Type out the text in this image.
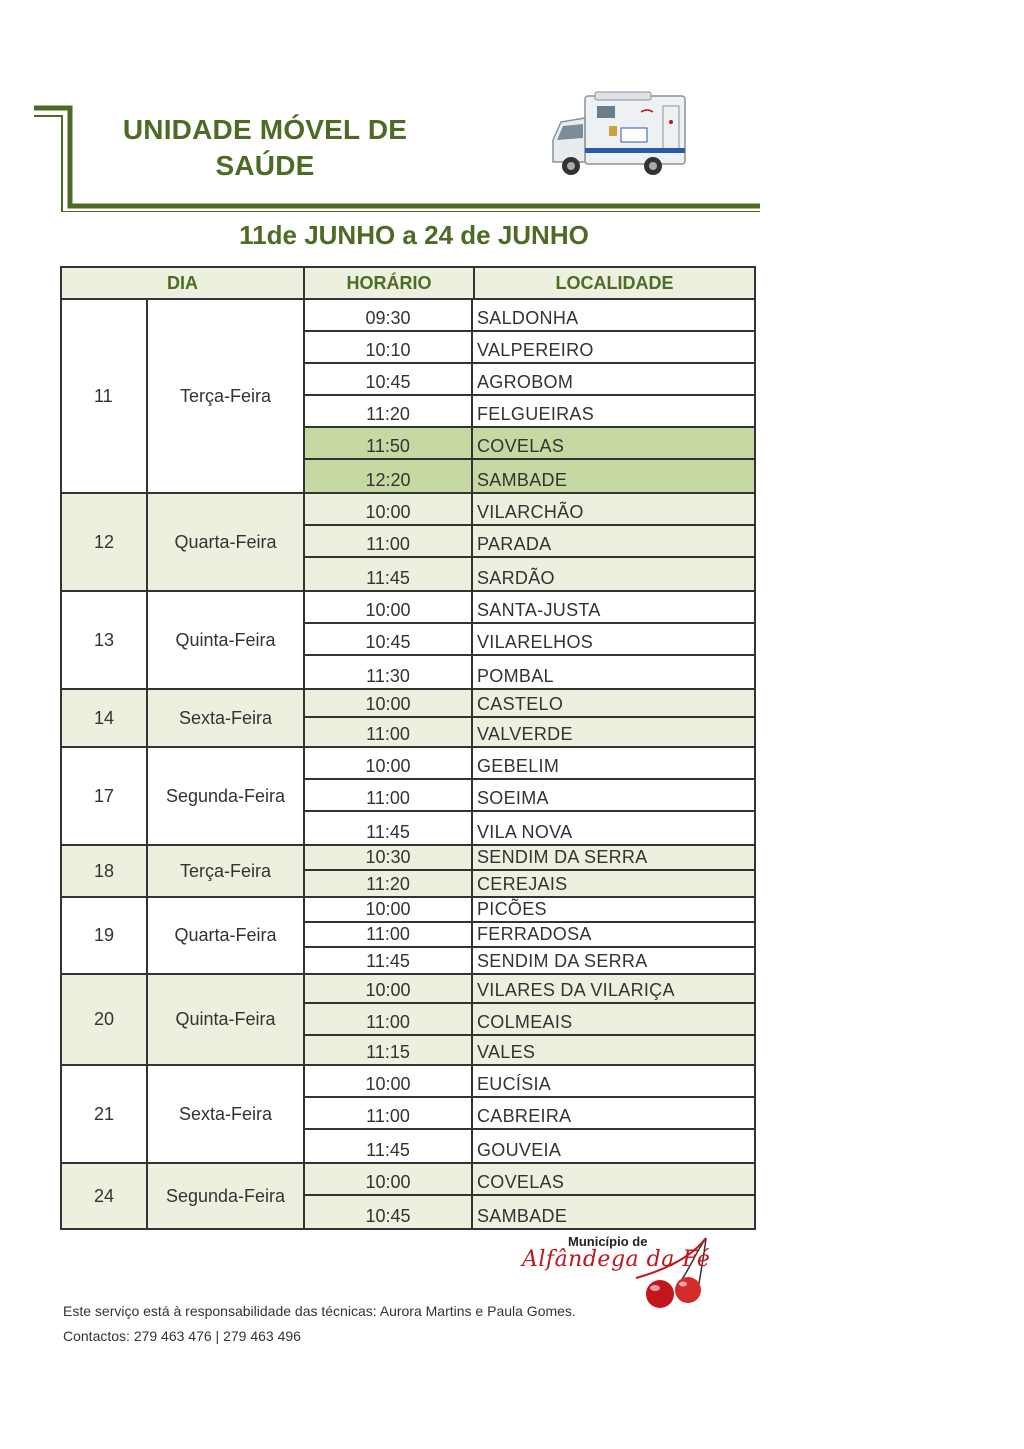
UNIDADE MÓVEL DE
SAÚDE
11de JUNHO a 24 de JUNHO
DIA	HORÁRIO	LOCALIDADE
11	Terça-Feira
09:30	SALDONHA
10:10	VALPEREIRO
10:45	AGROBOM
11:20	FELGUEIRAS
11:50	COVELAS
12:20	SAMBADE
12	Quarta-Feira
10:00	VILARCHÃO
11:00	PARADA
11:45	SARDÃO
13	Quinta-Feira
10:00	SANTA-JUSTA
10:45	VILARELHOS
11:30	POMBAL
14	Sexta-Feira
10:00	CASTELO
11:00	VALVERDE
17	Segunda-Feira
10:00	GEBELIM
11:00	SOEIMA
11:45	VILA NOVA
18	Terça-Feira
10:30	SENDIM DA SERRA
11:20	CEREJAIS
19	Quarta-Feira
10:00	PICÕES
11:00	FERRADOSA
11:45	SENDIM DA SERRA
20	Quinta-Feira
10:00	VILARES DA VILARIÇA
11:00	COLMEAIS
11:15	VALES
21	Sexta-Feira
10:00	EUCÍSIA
11:00	CABREIRA
11:45	GOUVEIA
24	Segunda-Feira
10:00	COVELAS
10:45	SAMBADE
Município de
Alfândega da Fé
Este serviço está à responsabilidade das técnicas: Aurora Martins e Paula Gomes.
Contactos: 279 463 476 | 279 463 496
